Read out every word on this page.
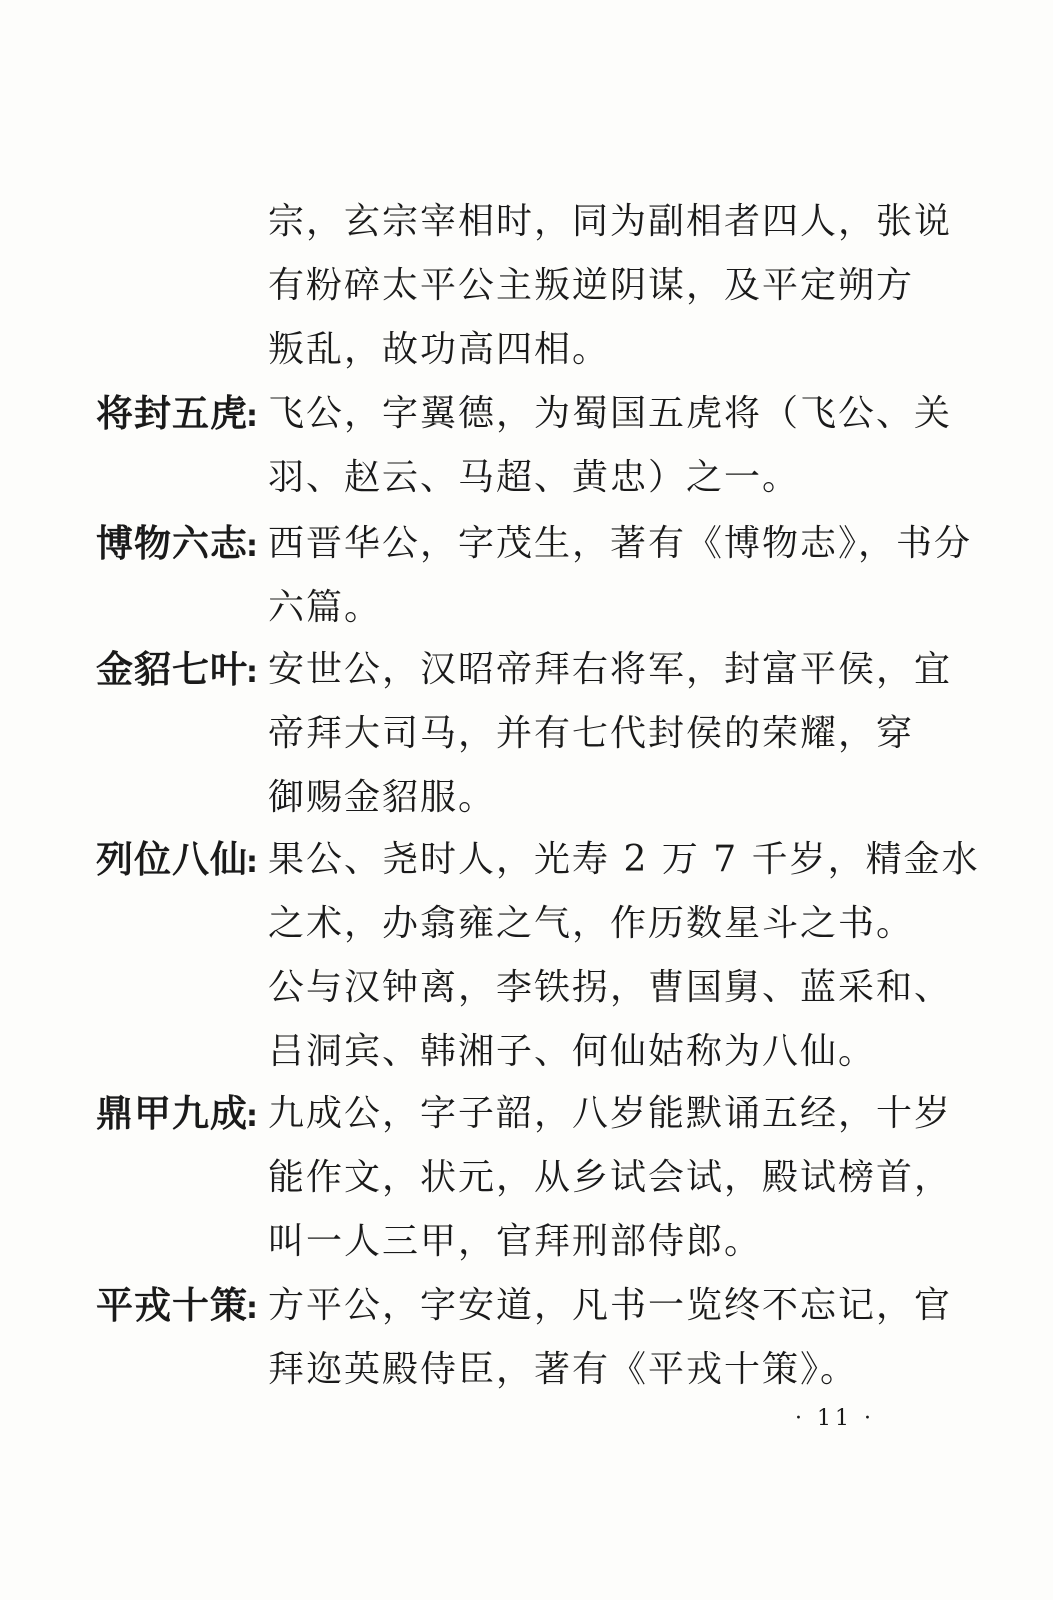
宗，玄宗宰相时，同为副相者四人，张说
有粉碎太平公主叛逆阴谋，及平定朔方
叛乱，故功高四相。
将封五虎: 飞公，字翼德，为蜀国五虎将（飞公、关
羽、赵云、马超、黄忠）之一。
博物六志: 西晋华公，字茂生，著有《博物志》，书分
六篇。
金貂七叶: 安世公，汉昭帝拜右将军，封富平侯，宜
帝拜大司马，并有七代封侯的荣耀，穿
御赐金貂服。
列位八仙: 果公、尧时人，光寿 2 万 7 千岁，精金水
之术，办翕雍之气，作历数星斗之书。
公与汉钟离，李铁拐，曹国舅、蓝采和、
吕洞宾、韩湘子、何仙姑称为八仙。
鼎甲九成: 九成公，字子韶，八岁能默诵五经，十岁
能作文，状元，从乡试会试，殿试榜首，
叫一人三甲，官拜刑部侍郎。
平戎十策: 方平公，字安道，凡书一览终不忘记，官
拜迩英殿侍臣，著有《平戎十策》。
· 11 ·
